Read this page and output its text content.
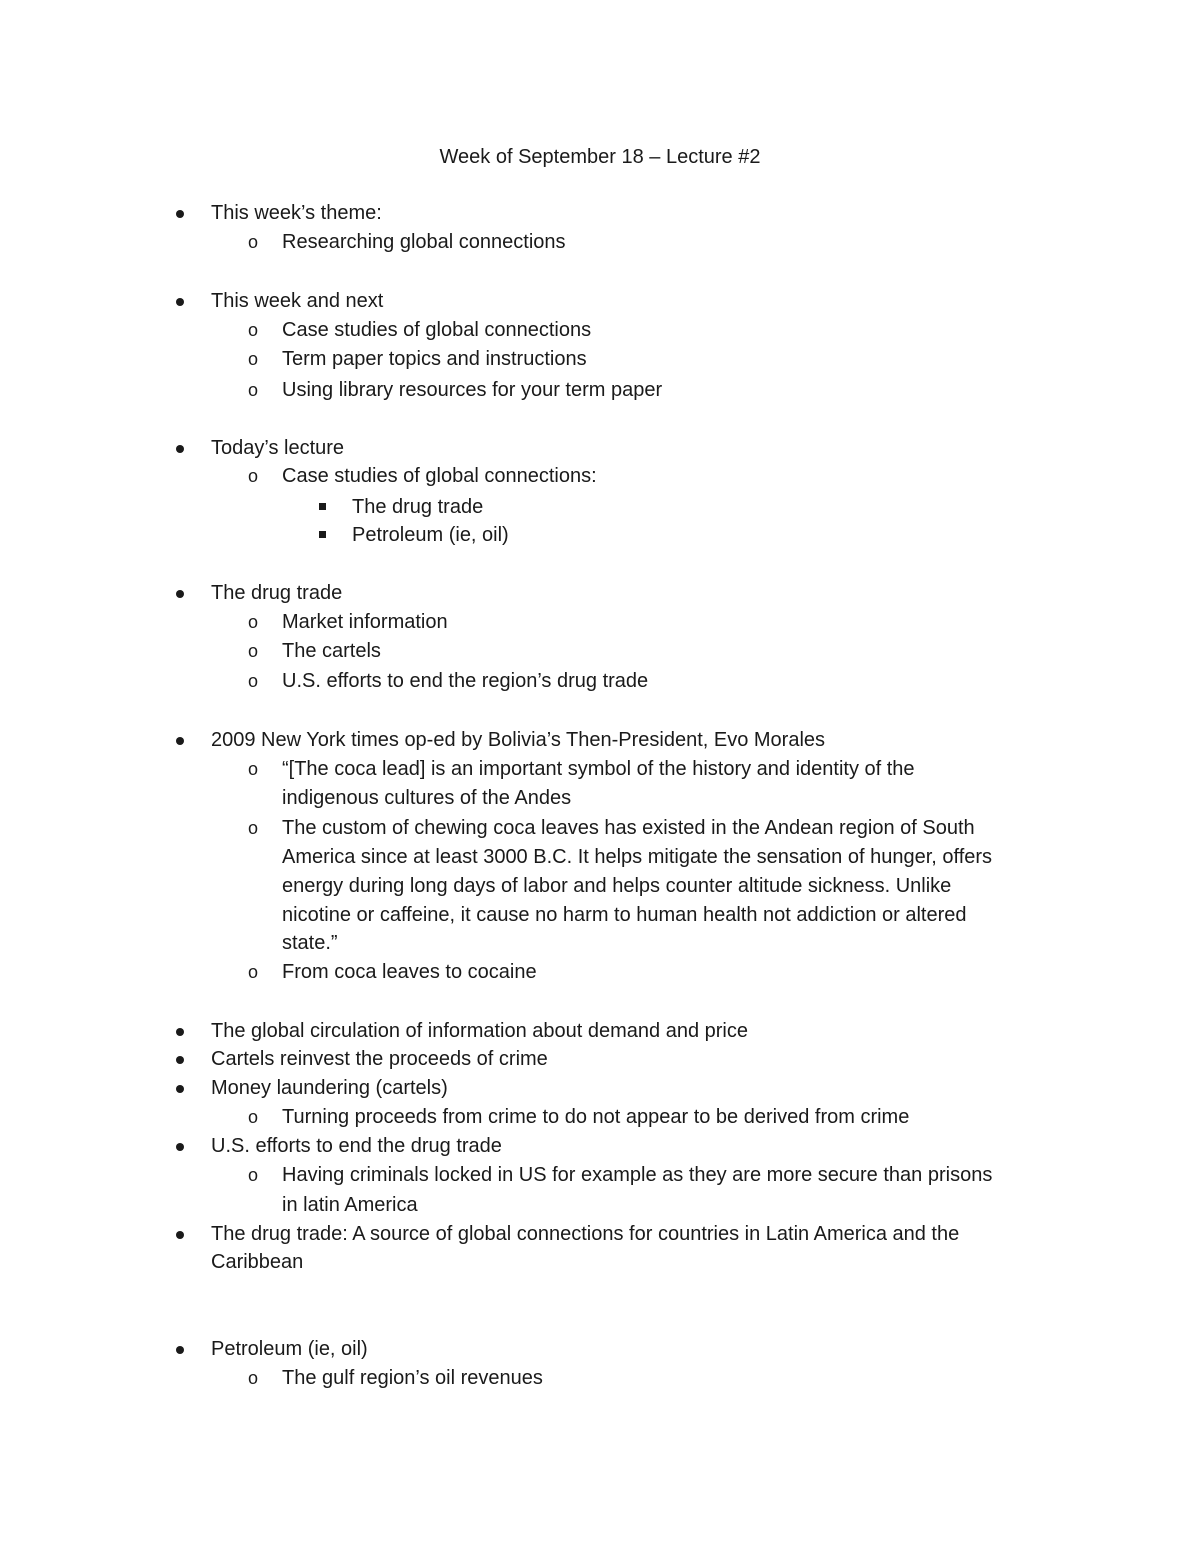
Week of September 18 – Lecture #2
This week’s theme:
o Researching global connections
This week and next
o Case studies of global connections
o Term paper topics and instructions
o Using library resources for your term paper
Today’s lecture
o Case studies of global connections:
The drug trade
Petroleum (ie, oil)
The drug trade
o Market information
o The cartels
o U.S. efforts to end the region’s drug trade
2009 New York times op-ed by Bolivia’s Then-President, Evo Morales
o “[The coca lead] is an important symbol of the history and identity of the
indigenous cultures of the Andes
o The custom of chewing coca leaves has existed in the Andean region of South
America since at least 3000 B.C. It helps mitigate the sensation of hunger, offers
energy during long days of labor and helps counter altitude sickness. Unlike
nicotine or caffeine, it cause no harm to human health not addiction or altered
state.”
o From coca leaves to cocaine
The global circulation of information about demand and price
Cartels reinvest the proceeds of crime
Money laundering (cartels)
o Turning proceeds from crime to do not appear to be derived from crime
U.S. efforts to end the drug trade
o Having criminals locked in US for example as they are more secure than prisons
in latin America
The drug trade: A source of global connections for countries in Latin America and the
Caribbean
Petroleum (ie, oil)
o The gulf region’s oil revenues
